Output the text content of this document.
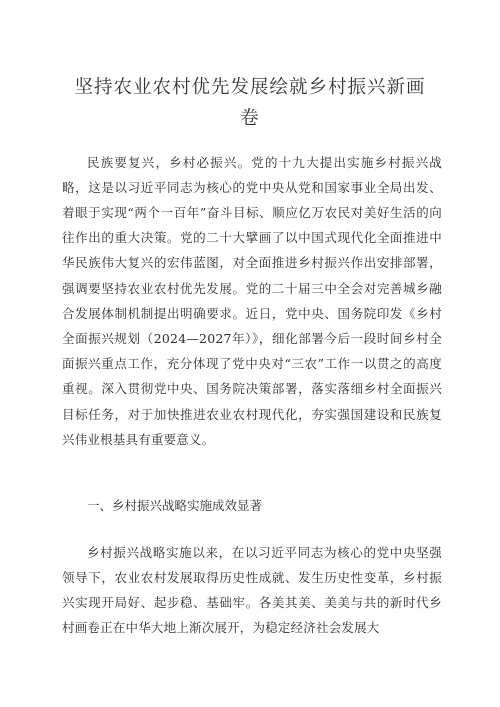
坚持农业农村优先发展绘就乡村振兴新画卷

民族要复兴，乡村必振兴。党的十九大提出实施乡村振兴战略，这是以习近平同志为核心的党中央从党和国家事业全局出发、着眼于实现“两个一百年”奋斗目标、顺应亿万农民对美好生活的向往作出的重大决策。党的二十大擘画了以中国式现代化全面推进中华民族伟大复兴的宏伟蓝图，对全面推进乡村振兴作出安排部署，强调要坚持农业农村优先发展。党的二十届三中全会对完善城乡融合发展体制机制提出明确要求。近日，党中央、国务院印发《乡村全面振兴规划（2024—2027年）》，细化部署今后一段时间乡村全面振兴重点工作，充分体现了党中央对“三农”工作一以贯之的高度重视。深入贯彻党中央、国务院决策部署，落实落细乡村全面振兴目标任务，对于加快推进农业农村现代化，夯实强国建设和民族复兴伟业根基具有重要意义。

一、乡村振兴战略实施成效显著

乡村振兴战略实施以来，在以习近平同志为核心的党中央坚强领导下，农业农村发展取得历史性成就、发生历史性变革，乡村振兴实现开局好、起步稳、基础牢。各美其美、美美与共的新时代乡村画卷正在中华大地上渐次展开，为稳定经济社会发展大
